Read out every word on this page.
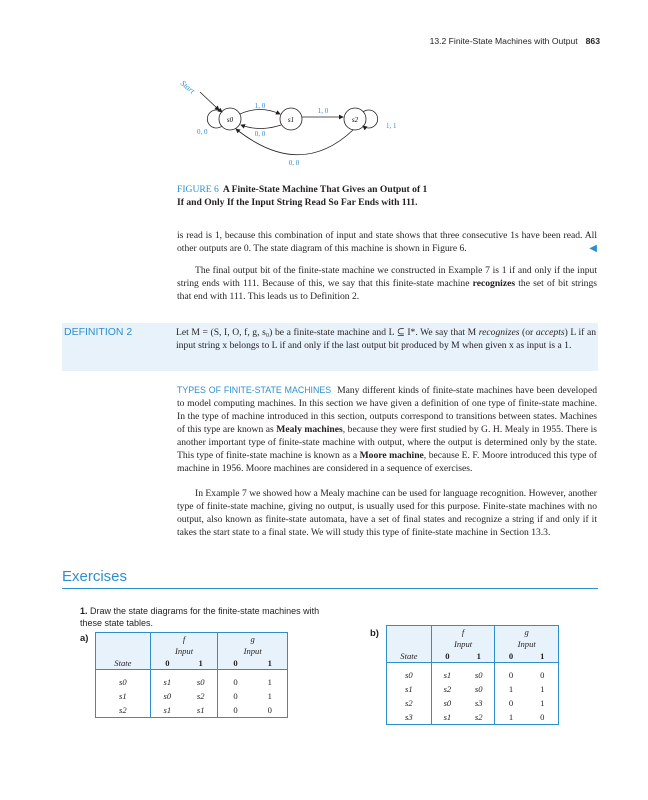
13.2 Finite-State Machines with Output 863
Start
s0	s1	s2
1, 0
0, 0
1, 0
0, 0
1, 1
0, 0
FIGURE 6 A Finite-State Machine That Gives an Output of 1
If and Only If the Input String Read So Far Ends with 111.
is read is 1, because this combination of input and state shows that three consecutive 1s have been read. All other outputs are 0. The state diagram of this machine is shown in Figure 6.	◀
The final output bit of the finite-state machine we constructed in Example 7 is 1 if and only if the input string ends with 111. Because of this, we say that this finite-state machine recognizes the set of bit strings that end with 111. This leads us to Definition 2.
DEFINITION 2	Let M = (S, I, O, f, g, s₀) be a finite-state machine and L ⊆ I*. We say that M recognizes (or accepts) L if an input string x belongs to L if and only if the last output bit produced by M when given x as input is a 1.
TYPES OF FINITE-STATE MACHINES Many different kinds of finite-state machines have been developed to model computing machines. In this section we have given a definition of one type of finite-state machine. In the type of machine introduced in this section, outputs correspond to transitions between states. Machines of this type are known as Mealy machines, because they were first studied by G. H. Mealy in 1955. There is another important type of finite-state machine with output, where the output is determined only by the state. This type of finite-state machine is known as a Moore machine, because E. F. Moore introduced this type of machine in 1956. Moore machines are considered in a sequence of exercises.
In Example 7 we showed how a Mealy machine can be used for language recognition. However, another type of finite-state machine, giving no output, is usually used for this purpose. Finite-state machines with no output, also known as finite-state automata, have a set of final states and recognize a string if and only if it takes the start state to a final state. We will study this type of finite-state machine in Section 13.3.
Exercises
1. Draw the state diagrams for the finite-state machines with these state tables.
a)	b)
	f		g	
	Input		Input	
State	0	1	0	1

s0	s1	s0	0	1
s1	s0	s2	0	1
s2	s1	s1	0	0
	f		g	
	Input		Input	
State	0	1	0	1

s0	s1	s0	0	0
s1	s2	s0	1	1
s2	s0	s3	0	1
s3	s1	s2	1	0
